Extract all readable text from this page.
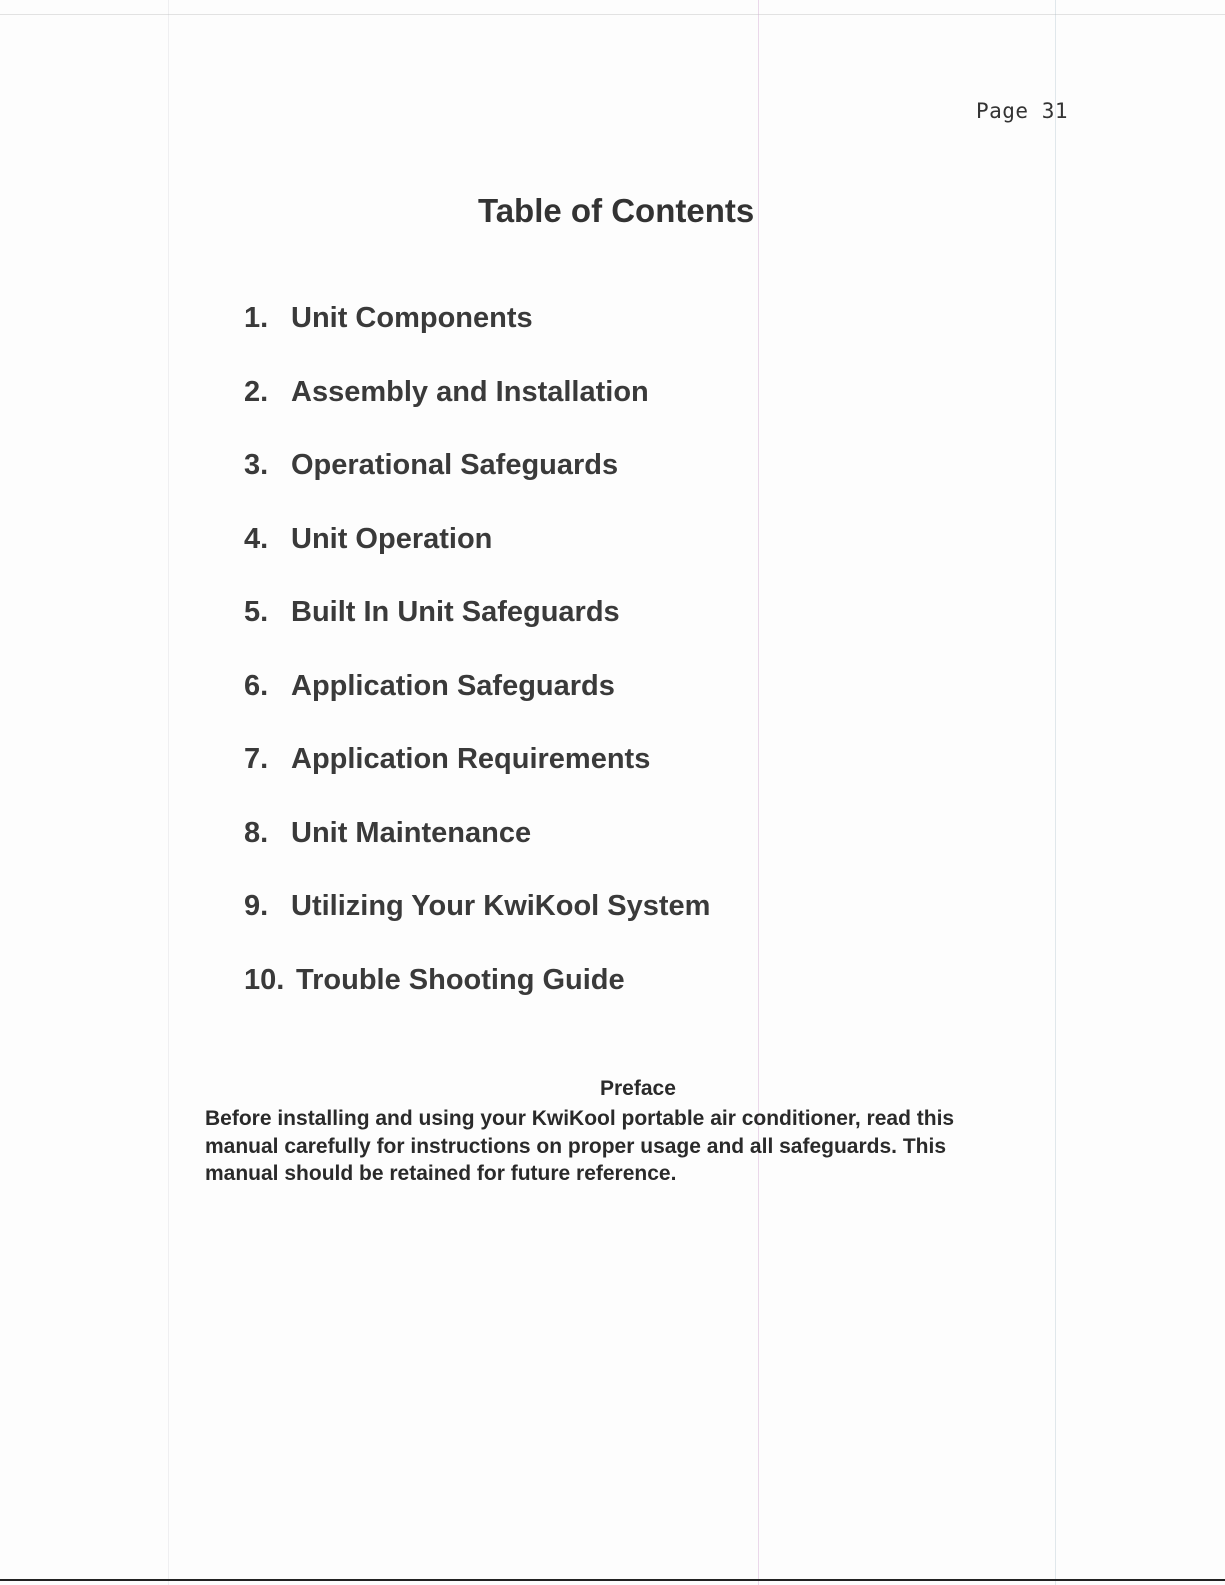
Page 31
Table of Contents
1. Unit Components
2. Assembly and Installation
3. Operational Safeguards
4. Unit Operation
5. Built In Unit Safeguards
6. Application Safeguards
7. Application Requirements
8. Unit Maintenance
9. Utilizing Your KwiKool System
10. Trouble Shooting Guide
Preface

Before installing and using your KwiKool portable air conditioner, read this
manual carefully for instructions on proper usage and all safeguards. This
manual should be retained for future reference.
